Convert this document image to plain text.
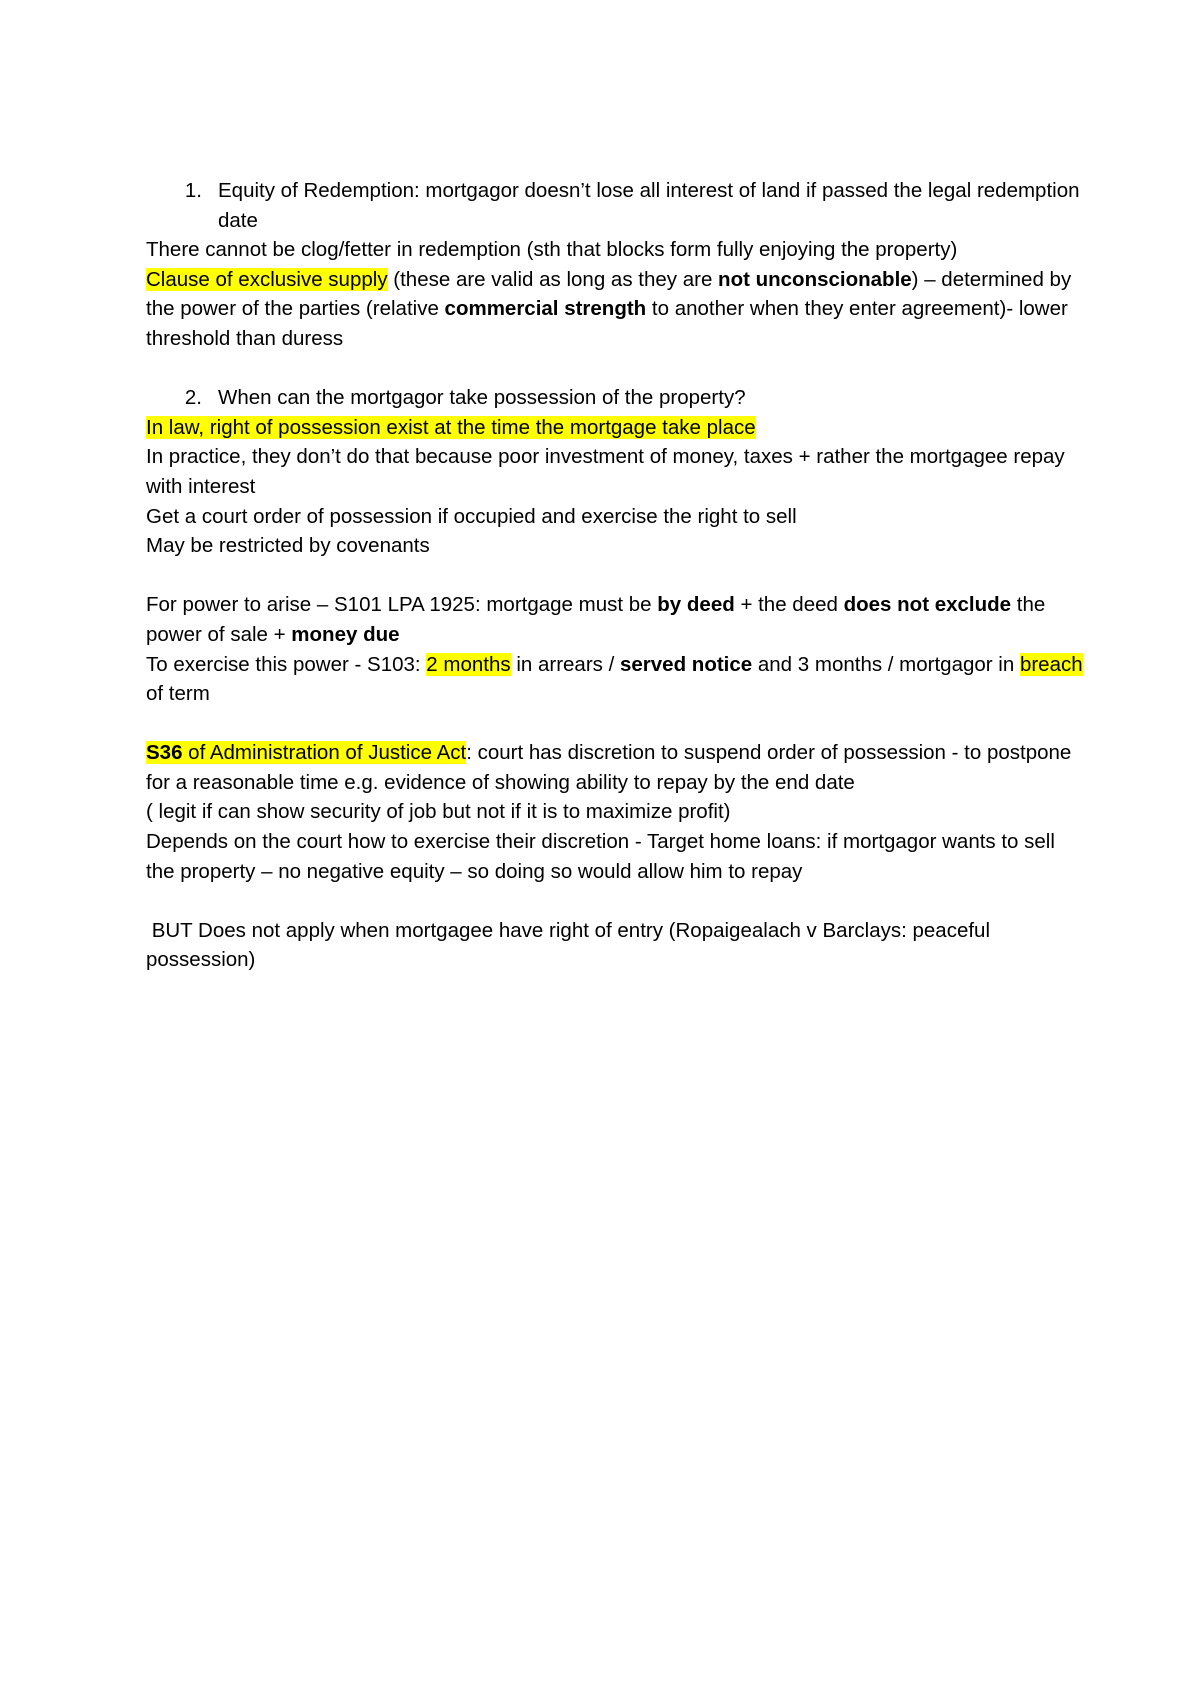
1. Equity of Redemption: mortgagor doesn’t lose all interest of land if passed the legal redemption date

There cannot be clog/fetter in redemption (sth that blocks form fully enjoying the property)

Clause of exclusive supply (these are valid as long as they are not unconscionable) – determined by the power of the parties (relative commercial strength to another when they enter agreement)- lower threshold than duress

2. When can the mortgagor take possession of the property?

In law, right of possession exist at the time the mortgage take place

In practice, they don’t do that because poor investment of money, taxes + rather the mortgagee repay with interest

Get a court order of possession if occupied and exercise the right to sell

May be restricted by covenants

For power to arise – S101 LPA 1925: mortgage must be by deed + the deed does not exclude the power of sale + money due

To exercise this power - S103: 2 months in arrears / served notice and 3 months / mortgagor in breach of term

S36 of Administration of Justice Act: court has discretion to suspend order of possession - to postpone for a reasonable time e.g. evidence of showing ability to repay by the end date

( legit if can show security of job but not if it is to maximize profit)

Depends on the court how to exercise their discretion - Target home loans: if mortgagor wants to sell the property – no negative equity – so doing so would allow him to repay

BUT Does not apply when mortgagee have right of entry (Ropaigealach v Barclays: peaceful possession)
